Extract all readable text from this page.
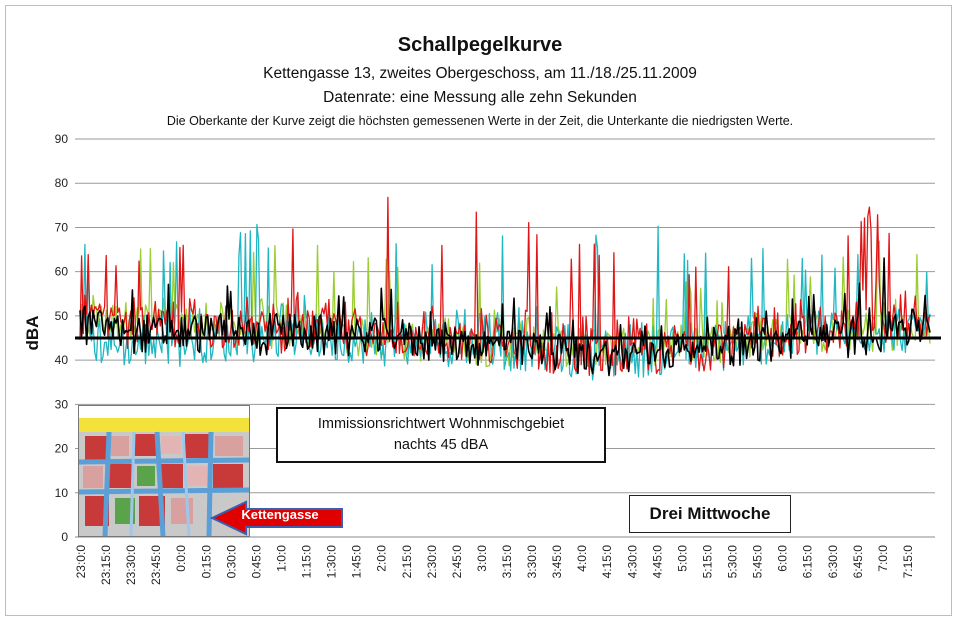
Schallpegelkurve
Kettengasse 13, zweites Obergeschoss, am 11./18./25.11.2009
Datenrate: eine Messung alle zehn Sekunden
Die Oberkante der Kurve zeigt die höchsten gemessenen Werte in der Zeit, die Unterkante die niedrigsten Werte.
dBA
0
10
20
30
40
50
60
70
80
90
23:0:0 23:15:0 23:30:0 23:45:0 0:0:0 0:15:0 0:30:0 0:45:0 1:0:0 1:15:0 1:30:0 1:45:0 2:0:0 2:15:0 2:30:0 2:45:0 3:0:0 3:15:0 3:30:0 3:45:0 4:0:0 4:15:0 4:30:0 4:45:0 5:0:0 5:15:0 5:30:0 5:45:0 6:0:0 6:15:0 6:30:0 6:45:0 7:0:0 7:15:0
Kettengasse
Immissionsrichtwert Wohnmischgebiet
nachts 45 dBA
Drei Mittwoche
